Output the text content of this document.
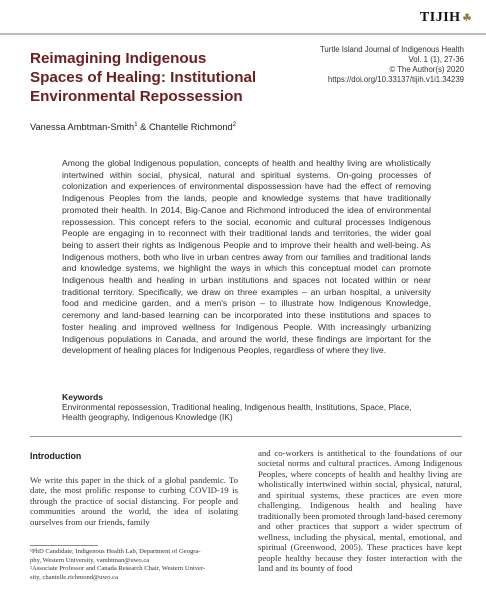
TIJIH ☘
Reimagining Indigenous
Spaces of Healing: Institutional
Environmental Repossession
Turtle Island Journal of Indigenous Health
Vol. 1 (1), 27-36
© The Author(s) 2020
https://doi.org/10.33137/tijih.v1i1.34239
Vanessa Ambtman-Smith$^1$ & Chantelle Richmond$^2$

Among the global Indigenous population, concepts of health and healthy living are wholistically intertwined within social, physical, natural and spiritual systems. On-going processes of colonization and experiences of environmental dispossession have had the effect of removing Indigenous Peoples from the lands, people and knowledge systems that have traditionally promoted their health. In 2014, Big-Canoe and Richmond introduced the idea of environmental repossession. This concept refers to the social, economic and cultural processes Indigenous People are engaging in to reconnect with their traditional lands and territories, the wider goal being to assert their rights as Indigenous People and to improve their health and well-being. As Indigenous mothers, both who live in urban centres away from our families and traditional lands and knowledge systems, we highlight the ways in which this conceptual model can promote Indigenous health and healing in urban institutions and spaces not located within or near traditional territory. Specifically, we draw on three examples – an urban hospital, a university food and medicine garden, and a men's prison – to illustrate how Indigenous Knowledge, ceremony and land-based learning can be incorporated into these institutions and spaces to foster healing and improved wellness for Indigenous People. With increasingly urbanizing Indigenous populations in Canada, and around the world, these findings are important for the development of healing places for Indigenous Peoples, regardless of where they live.

Keywords
Environmental repossession, Traditional healing, Indigenous health, Institutions, Space, Place, Health geography, Indigenous Knowledge (IK)
Introduction

We write this paper in the thick of a global pandemic. To date, the most prolific response to curbing COVID-19 is through the practice of social distancing. For people and communities around the world, the idea of isolating ourselves from our friends, family

and co-workers is antithetical to the foundations of our societal norms and cultural practices. Among Indigenous Peoples, where concepts of health and healthy living are wholistically intertwined within social, physical, natural, and spiritual systems, these practices are even more challenging. Indigenous health and healing have traditionally been promoted through land-based ceremony and other practices that support a wider spectrum of wellness, including the physical, mental, emotional, and spiritual (Greenwood, 2005). These practices have kept people healthy because they foster interaction with the land and its bounty of food

¹PhD Candidate, Indigenous Health Lab, Department of Geogra-
phy, Western University, vambtman@uwo.ca
²Associate Professor and Canada Research Chair, Western Univer-
sity, chantelle.richmond@uwo.ca
